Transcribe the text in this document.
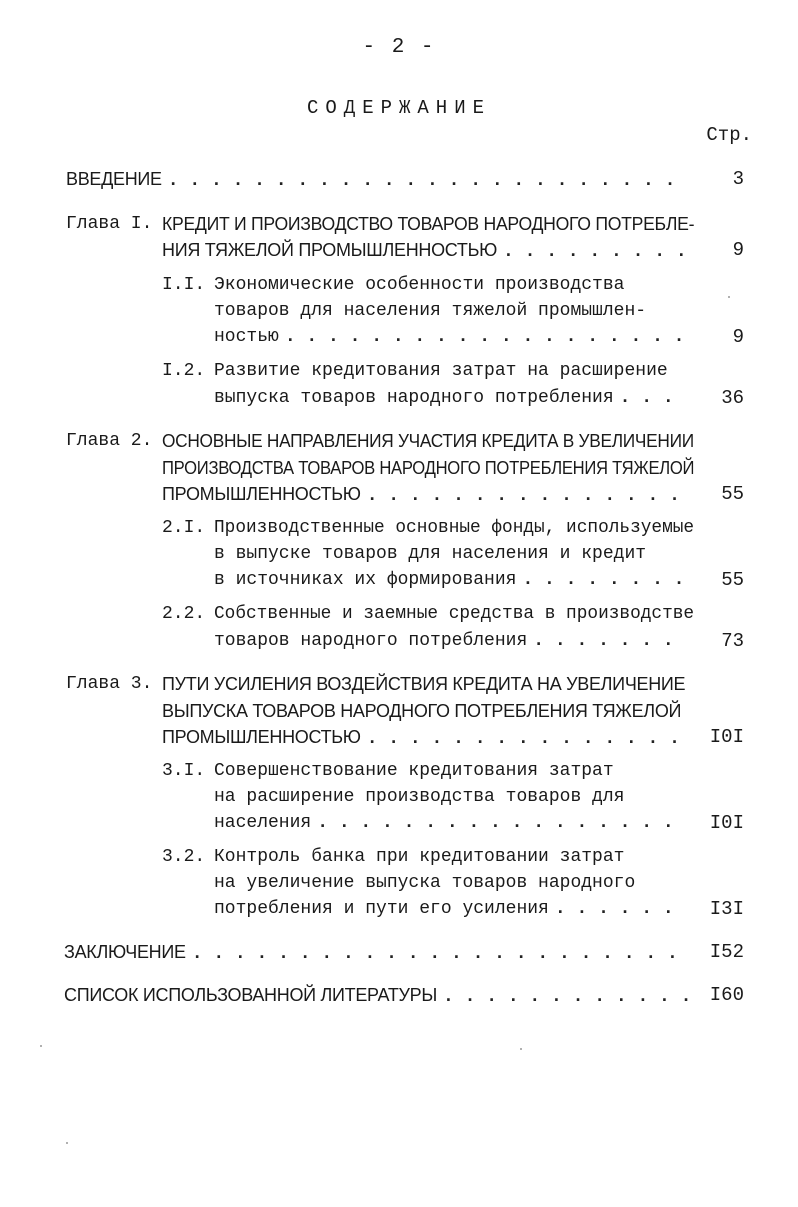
- 2 -
СОДЕРЖАНИЕ
Стр.
ВВЕДЕНИЕ . . .	3
Глава I. КРЕДИТ И ПРОИЗВОДСТВО ТОВАРОВ НАРОДНОГО ПОТРЕБЛЕ-
НИЯ ТЯЖЕЛОЙ ПРОМЫШЛЕННОСТЬЮ . . .	9
I.I. Экономические особенности производства
товаров для населения тяжелой промышлен-
ностью . . .	9
I.2. Развитие кредитования затрат на расширение
выпуска товаров народного потребления . . .	36
Глава 2. ОСНОВНЫЕ НАПРАВЛЕНИЯ УЧАСТИЯ КРЕДИТА В УВЕЛИЧЕНИИ
ПРОИЗВОДСТВА ТОВАРОВ НАРОДНОГО ПОТРЕБЛЕНИЯ ТЯЖЕЛОЙ
ПРОМЫШЛЕННОСТЬЮ . . .	55
2.I. Производственные основные фонды, используемые
в выпуске товаров для населения и кредит
в источниках их формирования . . .	55
2.2. Собственные и заемные средства в производстве
товаров народного потребления . . .	73
Глава 3. ПУТИ УСИЛЕНИЯ ВОЗДЕЙСТВИЯ КРЕДИТА НА УВЕЛИЧЕНИЕ
ВЫПУСКА ТОВАРОВ НАРОДНОГО ПОТРЕБЛЕНИЯ ТЯЖЕЛОЙ
ПРОМЫШЛЕННОСТЬЮ . . .	I0I
3.I. Совершенствование кредитования затрат
на расширение производства товаров для
населения . . .	I0I
3.2. Контроль банка при кредитовании затрат
на увеличение выпуска товаров народного
потребления и пути его усиления . . .	I3I
ЗАКЛЮЧЕНИЕ . . .	I52
СПИСОК ИСПОЛЬЗОВАННОЙ ЛИТЕРАТУРЫ . . .	I60
